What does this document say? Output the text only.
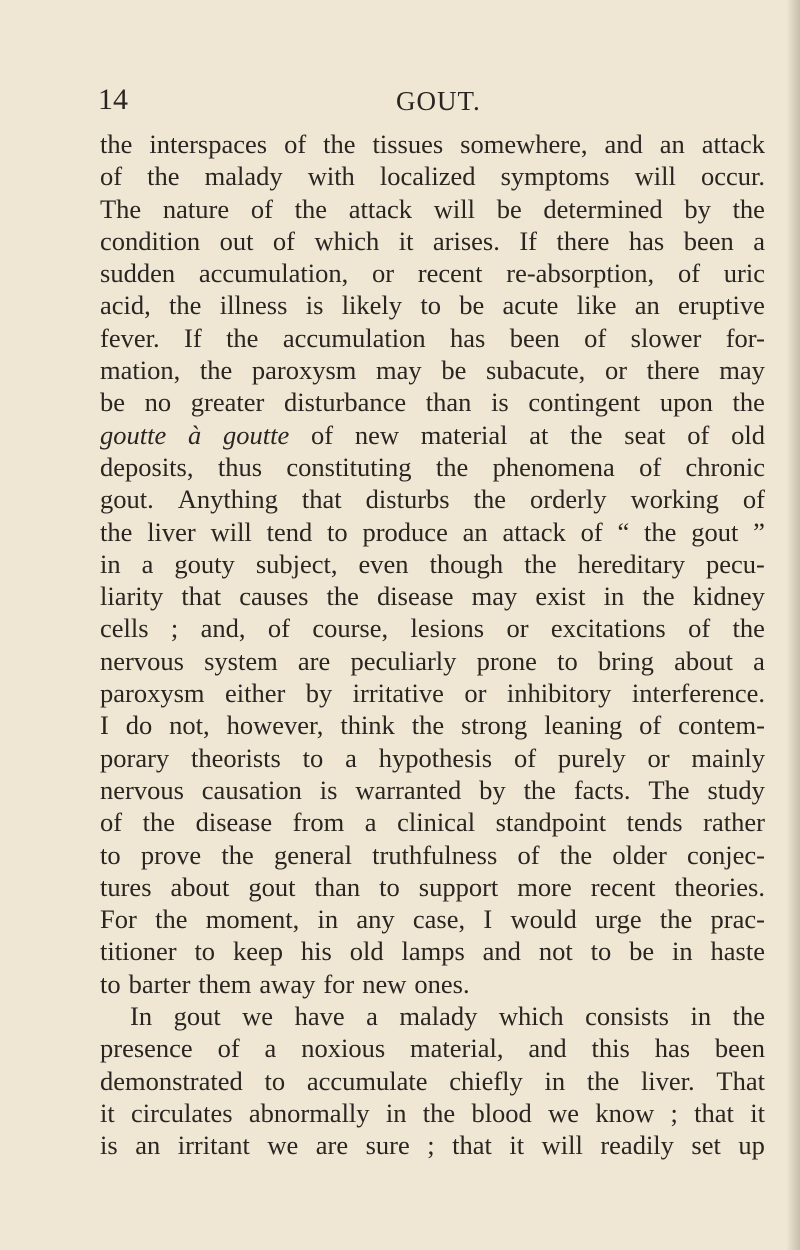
14	GOUT.
the interspaces of the tissues somewhere, and an attack
of the malady with localized symptoms will occur.
The nature of the attack will be determined by the
condition out of which it arises. If there has been a
sudden accumulation, or recent re-absorption, of uric
acid, the illness is likely to be acute like an eruptive
fever. If the accumulation has been of slower for-
mation, the paroxysm may be subacute, or there may
be no greater disturbance than is contingent upon the
goutte à goutte of new material at the seat of old
deposits, thus constituting the phenomena of chronic
gout. Anything that disturbs the orderly working of
the liver will tend to produce an attack of “ the gout ”
in a gouty subject, even though the hereditary pecu-
liarity that causes the disease may exist in the kidney
cells ; and, of course, lesions or excitations of the
nervous system are peculiarly prone to bring about a
paroxysm either by irritative or inhibitory interference.
I do not, however, think the strong leaning of contem-
porary theorists to a hypothesis of purely or mainly
nervous causation is warranted by the facts. The study
of the disease from a clinical standpoint tends rather
to prove the general truthfulness of the older conjec-
tures about gout than to support more recent theories.
For the moment, in any case, I would urge the prac-
titioner to keep his old lamps and not to be in haste
to barter them away for new ones.
In gout we have a malady which consists in the
presence of a noxious material, and this has been
demonstrated to accumulate chiefly in the liver. That
it circulates abnormally in the blood we know ; that it
is an irritant we are sure ; that it will readily set up
